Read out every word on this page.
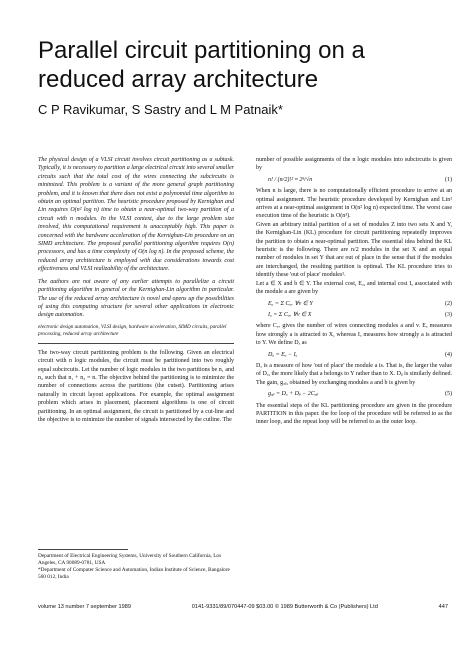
Parallel circuit partitioning on a reduced array architecture

C P Ravikumar, S Sastry and L M Patnaik*

The physical design of a VLSI circuit involves circuit partitioning as a subtask. Typically, it is necessary to partition a large electrical circuit into several smaller circuits such that the total cost of the wires connecting the subcircuits is minimized. This problem is a variant of the more general graph partitioning problem, and it is known that there does not exist a polynomial time algorithm to obtain an optimal partition. The heuristic procedure proposed by Kernighan and Lin requires O(n² log n) time to obtain a near-optimal two-way partition of a circuit with n modules. In the VLSI context, due to the large problem size involved, this computational requirement is unacceptably high. This paper is concerned with the hardware acceleration of the Kernighan-Lin procedure on an SIMD architecture. The proposed parallel partitioning algorithm requires O(n) processors, and has a time complexity of O(n log n). In the proposed scheme, the reduced array architecture is employed with due considerations towards cost effectiveness and VLSI realizability of the architecture.

The authors are not aware of any earlier attempts to parallelize a circuit partitioning algorithm in general or the Kernighan-Lin algorithm in particular. The use of the reduced array architecture is novel and opens up the possibilities of using this computing structure for several other applications in electronic design automation.

electronic design automation, VLSI design, hardware acceleration, SIMD circuits, parallel processing, reduced array architecture

The two-way circuit partitioning problem is the following. Given an electrical circuit with n logic modules, the circuit must be partitioned into two roughly equal subcircuits. Let the number of logic modules in the two partitions be n₁ and n₂ such that n₁ + n₂ = n. The objective behind the partitioning is to minimize the number of connections across the partitions (the cutset). Partitioning arises naturally in circuit layout applications. For example, the optimal assignment problem which arises in placement, placement algorithms is one of circuit partitioning. In an optimal assignment, the circuit is partitioned by a cut-line and the objective is to minimize the number of signals intersected by the cutline. The

Department of Electrical Engineering Systems, University of Southern California, Los Angeles, CA 90089-0781, USA
*Department of Computer Science and Automation, Indian Institute of Science, Bangalore 560 012, India

number of possible assignments of the n logic modules into subcircuits is given by

n! / (n/2)!² ≈ 2ⁿ/√n	(1)

When n is large, there is no computationally efficient procedure to arrive at an optimal assignment. The heuristic procedure developed by Kernighan and Lin¹ arrives at a near-optimal assignment in O(n² log n) expected time. The worst case execution time of the heuristic is O(n³).

Given an arbitrary initial partition of a set of modules Z into two sets X and Y, the Kernighan-Lin (KL) procedure for circuit partitioning repeatedly improves the partition to obtain a near-optimal partition. The essential idea behind the KL heuristic is the following. There are n/2 modules in the set X and an equal number of modules in set Y that are out of place in the sense that if the modules are interchanged, the resulting partition is optimal. The KL procedure tries to identify these 'out of place' modules¹.

Let a ∈ X and b ∈ Y. The external cost, Eₐ, and internal cost Iₐ associated with the module a are given by

Eₐ = Σ Cₐᵥ ∀v ∈ Y	(2)
Iₐ = Σ Cₐᵥ ∀v ∈ X	(3)

where Cₐᵥ gives the number of wires connecting modules a and v. Eₐ measures how strongly a is attracted to X, whereas Iₐ measures how strongly a is attracted to Y. We define Dₐ as

Dₐ = Eₐ − Iₐ	(4)

Dₐ is a measure of how 'out of place' the module a is. That is, the larger the value of Dₐ, the more likely that a belongs to Y rather than to X. Dᵦ is similarly defined. The gain, gₐᵦ, obtained by exchanging modules a and b is given by

gₐᵦ = Dₐ + Dᵦ − 2Cₐᵦ	(5)

The essential steps of the KL partitioning procedure are given in the procedure PARTITION in this paper. the for loop of the procedure will be referred to as the inner loop, and the repeat loop will be referred to as the outer loop.

volume 13 number 7 september 1989	0141-9331/89/070447-09 $03.00 © 1989 Butterworth & Co (Publishers) Ltd	447
